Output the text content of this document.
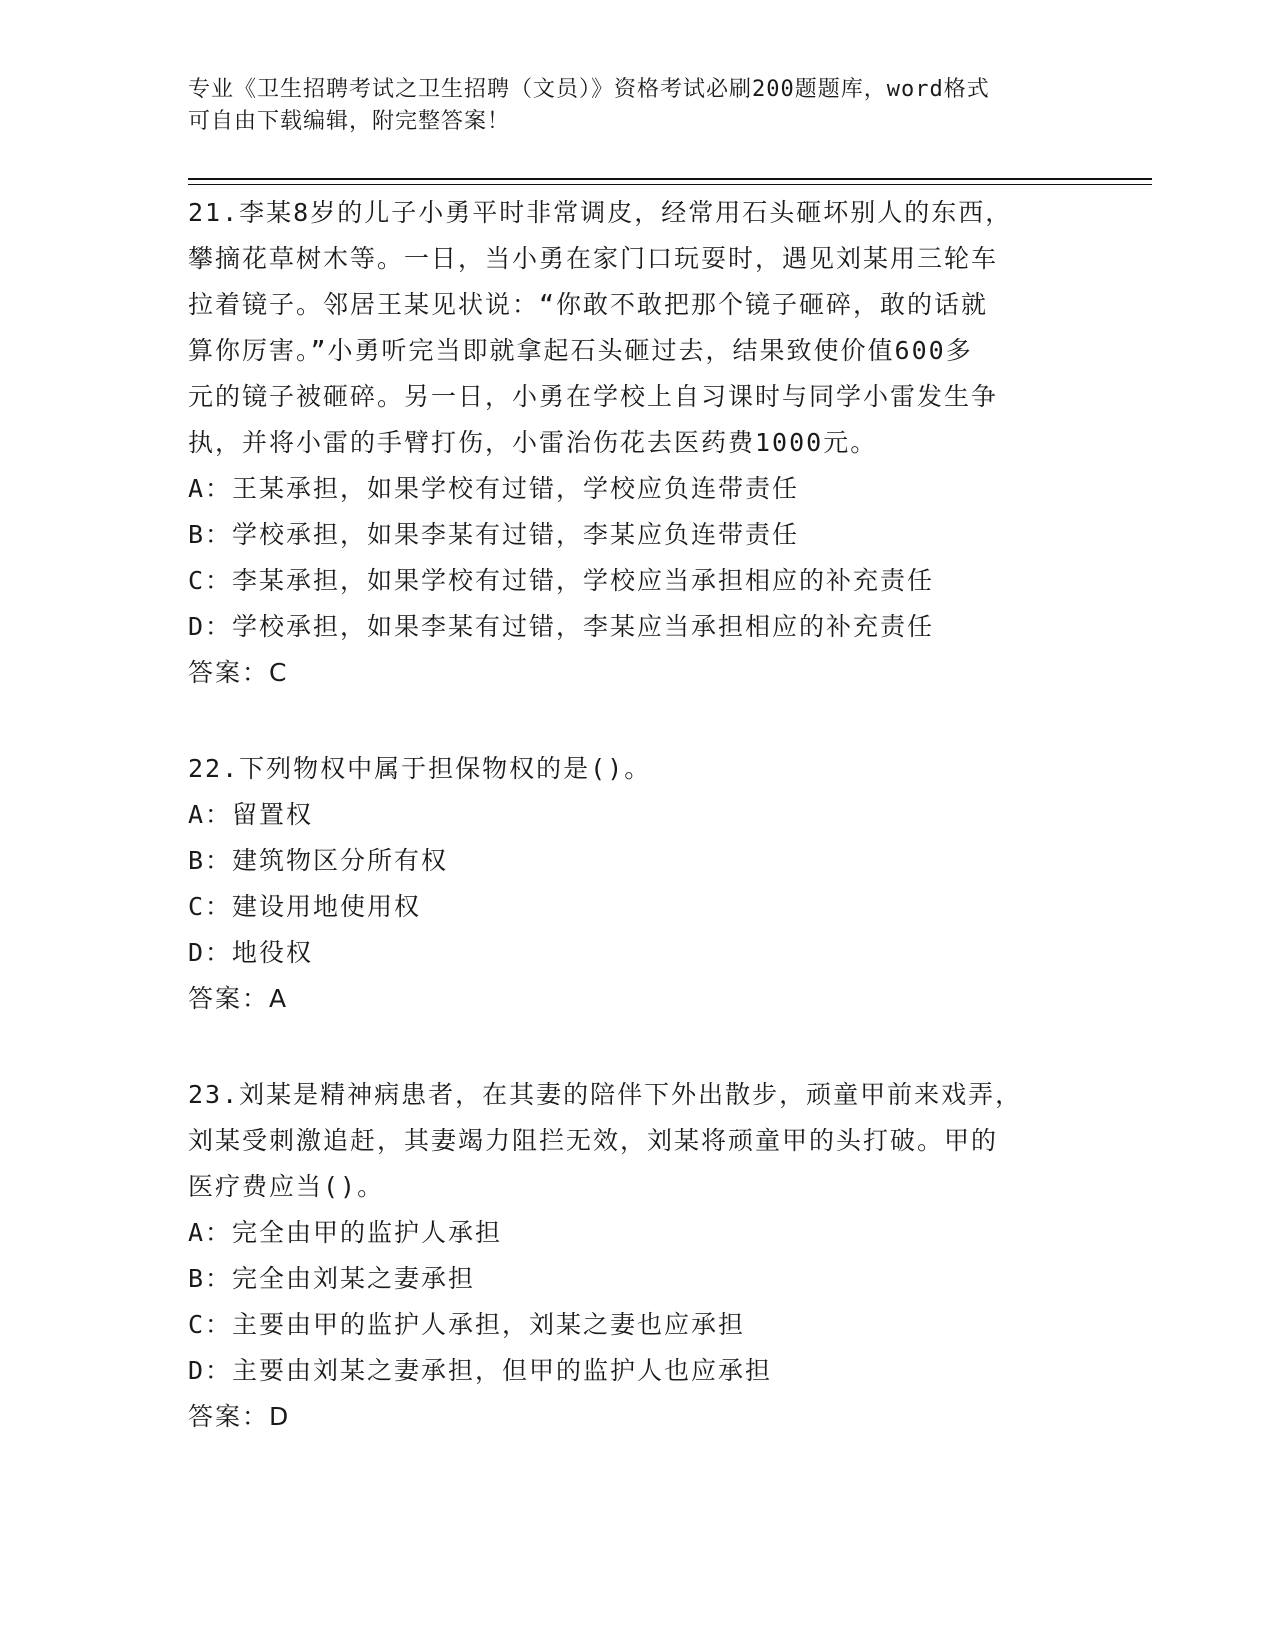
专业《卫生招聘考试之卫生招聘（文员）》资格考试必刷200题题库，word格式

可自由下载编辑，附完整答案！

21.李某8岁的儿子小勇平时非常调皮，经常用石头砸坏别人的东西，

攀摘花草树木等。一日，当小勇在家门口玩耍时，遇见刘某用三轮车

拉着镜子。邻居王某见状说：“你敢不敢把那个镜子砸碎，敢的话就

算你厉害。”小勇听完当即就拿起石头砸过去，结果致使价值600多

元的镜子被砸碎。另一日，小勇在学校上自习课时与同学小雷发生争

执，并将小雷的手臂打伤，小雷治伤花去医药费1000元。

A：王某承担，如果学校有过错，学校应负连带责任

B：学校承担，如果李某有过错，李某应负连带责任

C：李某承担，如果学校有过错，学校应当承担相应的补充责任

D：学校承担，如果李某有过错，李某应当承担相应的补充责任

答案：C

22.下列物权中属于担保物权的是()。

A：留置权

B：建筑物区分所有权

C：建设用地使用权

D：地役权

答案：A

23.刘某是精神病患者，在其妻的陪伴下外出散步，顽童甲前来戏弄，

刘某受刺激追赶，其妻竭力阻拦无效，刘某将顽童甲的头打破。甲的

医疗费应当()。

A：完全由甲的监护人承担

B：完全由刘某之妻承担

C：主要由甲的监护人承担，刘某之妻也应承担

D：主要由刘某之妻承担，但甲的监护人也应承担

答案：D
